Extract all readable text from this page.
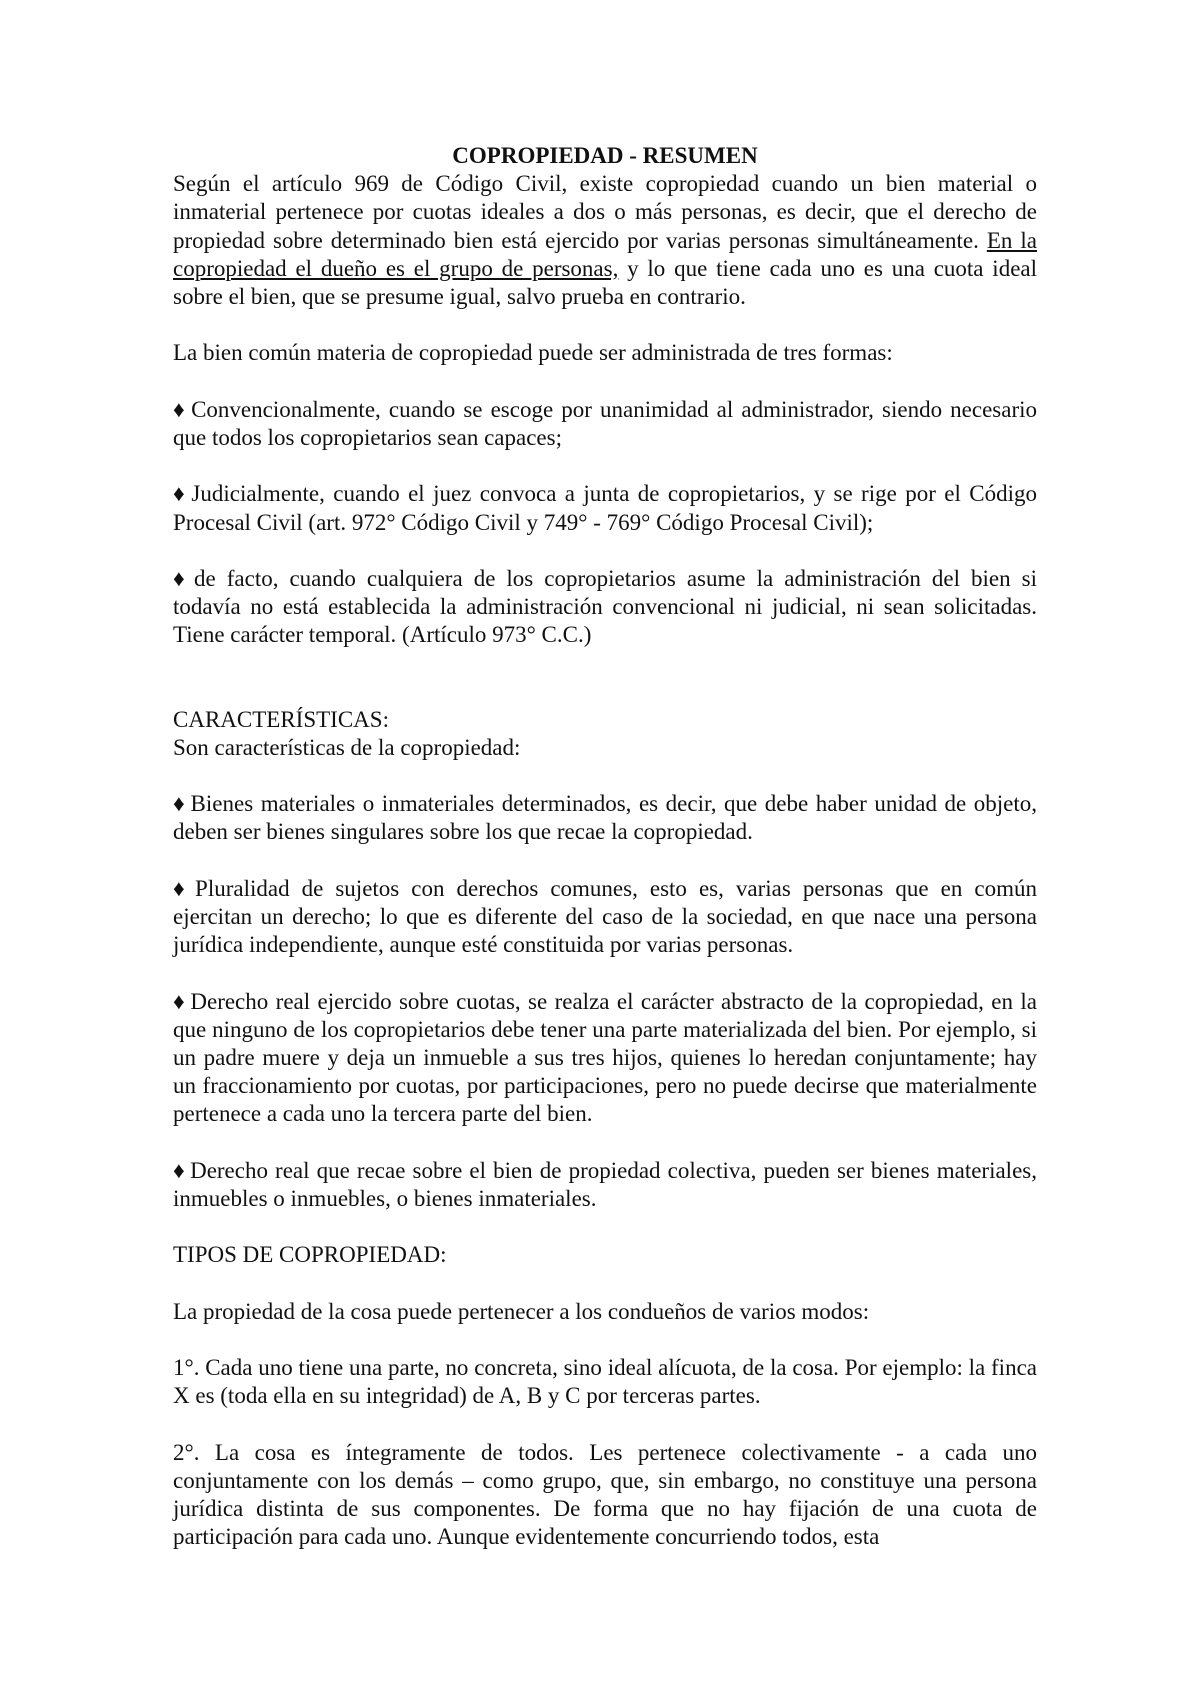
COPROPIEDAD - RESUMEN

Según el artículo 969 de Código Civil, existe copropiedad cuando un bien material o inmaterial pertenece por cuotas ideales a dos o más personas, es decir, que el derecho de propiedad sobre determinado bien está ejercido por varias personas simultáneamente. En la copropiedad el dueño es el grupo de personas, y lo que tiene cada uno es una cuota ideal sobre el bien, que se presume igual, salvo prueba en contrario.

La bien común materia de copropiedad puede ser administrada de tres formas:

♦ Convencionalmente, cuando se escoge por unanimidad al administrador, siendo necesario que todos los copropietarios sean capaces;

♦ Judicialmente, cuando el juez convoca a junta de copropietarios, y se rige por el Código Procesal Civil (art. 972° Código Civil y 749° - 769° Código Procesal Civil);

♦ de facto, cuando cualquiera de los copropietarios asume la administración del bien si todavía no está establecida la administración convencional ni judicial, ni sean solicitadas. Tiene carácter temporal. (Artículo 973° C.C.)

CARACTERÍSTICAS:

Son características de la copropiedad:

♦ Bienes materiales o inmateriales determinados, es decir, que debe haber unidad de objeto, deben ser bienes singulares sobre los que recae la copropiedad.

♦ Pluralidad de sujetos con derechos comunes, esto es, varias personas que en común ejercitan un derecho; lo que es diferente del caso de la sociedad, en que nace una persona jurídica independiente, aunque esté constituida por varias personas.

♦ Derecho real ejercido sobre cuotas, se realza el carácter abstracto de la copropiedad, en la que ninguno de los copropietarios debe tener una parte materializada del bien. Por ejemplo, si un padre muere y deja un inmueble a sus tres hijos, quienes lo heredan conjuntamente; hay un fraccionamiento por cuotas, por participaciones, pero no puede decirse que materialmente pertenece a cada uno la tercera parte del bien.

♦ Derecho real que recae sobre el bien de propiedad colectiva, pueden ser bienes materiales, inmuebles o inmuebles, o bienes inmateriales.

TIPOS DE COPROPIEDAD:

La propiedad de la cosa puede pertenecer a los condueños de varios modos:

1°. Cada uno tiene una parte, no concreta, sino ideal alícuota, de la cosa. Por ejemplo: la finca X es (toda ella en su integridad) de A, B y C por terceras partes.

2°. La cosa es íntegramente de todos. Les pertenece colectivamente - a cada uno conjuntamente con los demás – como grupo, que, sin embargo, no constituye una persona jurídica distinta de sus componentes. De forma que no hay fijación de una cuota de participación para cada uno. Aunque evidentemente concurriendo todos, esta
